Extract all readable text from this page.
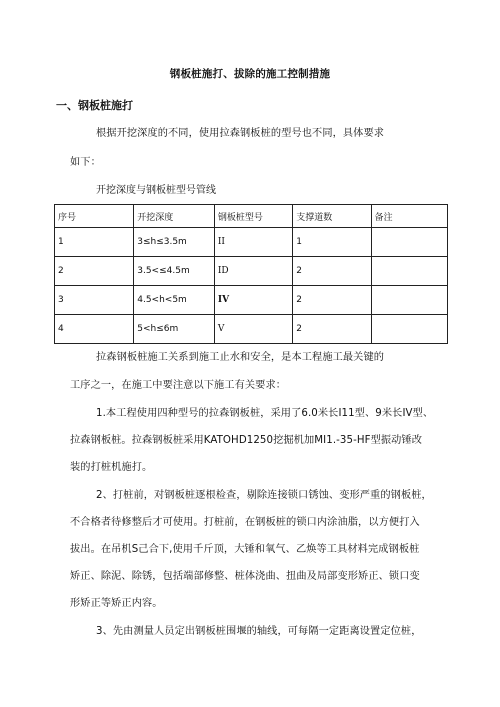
钢板桩施打、拔除的施工控制措施
一、钢板桩施打
根据开挖深度的不同，使用拉森钢板桩的型号也不同，具体要求
如下：
开挖深度与钢板桩型号管线
序号	开挖深度	钢板桩型号	支撑道数	备注
1	3≤h≤3.5m	II	1	
2	3.5<≤4.5m	ID	2	
3	4.5<h<5m	IV	2	
4	5<h≤6m	V	2	
拉森钢板桩施工关系到施工止水和安全，是本工程施工最关键的
工序之一，在施工中要注意以下施工有关要求：
1.本工程使用四种型号的拉森钢板桩，采用了6.0米长I11型、9米长IV型、
拉森钢板桩。拉森钢板桩采用KATOHD1250挖掘机加MI1.-35-HF型振动锤改
装的打桩机施打。
2、打桩前，对钢板桩逐根检查，剔除连接锁口锈蚀、变形严重的钢板桩，
不合格者待修整后才可使用。打桩前，在钢板桩的锁口内涂油脂，以方便打入
拔出。在吊机S己合下,使用千斤顶，大锤和氧气、乙焕等工具材料完成钢板桩
矫正、除泥、除锈，包括端部修整、桩体浇曲、扭曲及局部变形矫正、锁口变
形矫正等矫正内容。
3、先由测量人员定出钢板桩围堰的轴线，可每隔一定距离设置定位桩，
